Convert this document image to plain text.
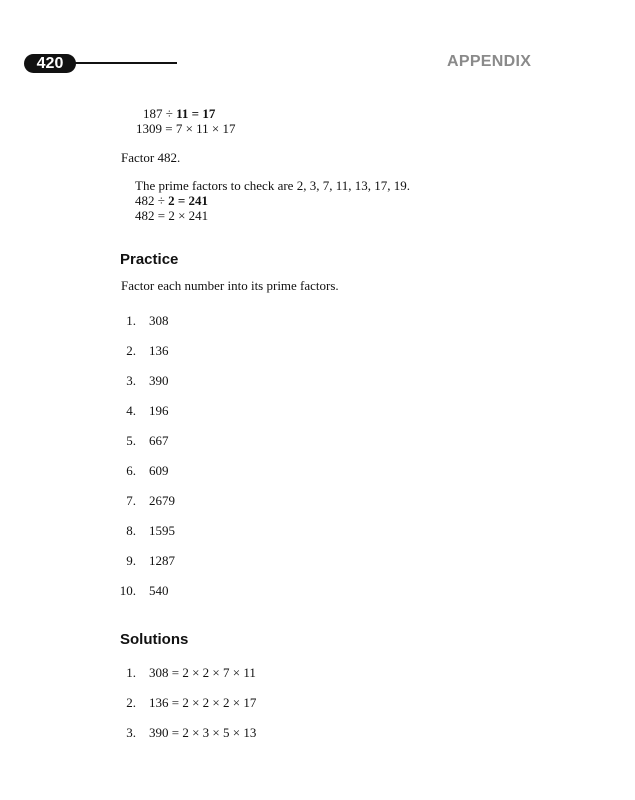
420	APPENDIX
187 ÷ 11 = 17
1309 = 7 × 11 × 17
Factor 482.
The prime factors to check are 2, 3, 7, 11, 13, 17, 19.
482 ÷ 2 = 241
482 = 2 × 241
Practice
Factor each number into its prime factors.
1. 308
2. 136
3. 390
4. 196
5. 667
6. 609
7. 2679
8. 1595
9. 1287
10. 540
Solutions
1. 308 = 2 × 2 × 7 × 11
2. 136 = 2 × 2 × 2 × 17
3. 390 = 2 × 3 × 5 × 13
